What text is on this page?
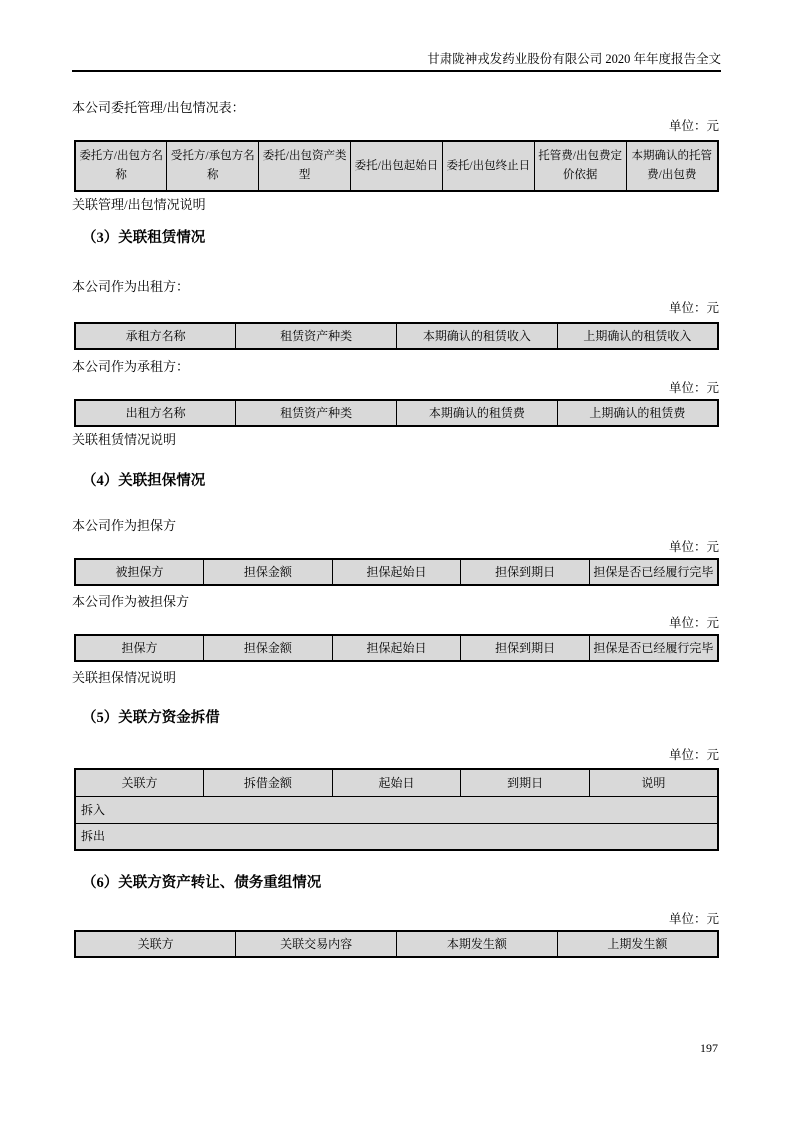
甘肃陇神戎发药业股份有限公司 2020 年年度报告全文
本公司委托管理/出包情况表：
单位：元
委托方/出包方名称	受托方/承包方名称	委托/出包资产类型	委托/出包起始日	委托/出包终止日	托管费/出包费定价依据	本期确认的托管费/出包费
关联管理/出包情况说明
（3）关联租赁情况
本公司作为出租方：
单位：元
承租方名称	租赁资产种类	本期确认的租赁收入	上期确认的租赁收入
本公司作为承租方：
单位：元
出租方名称	租赁资产种类	本期确认的租赁费	上期确认的租赁费
关联租赁情况说明
（4）关联担保情况
本公司作为担保方
单位：元
被担保方	担保金额	担保起始日	担保到期日	担保是否已经履行完毕
本公司作为被担保方
单位：元
担保方	担保金额	担保起始日	担保到期日	担保是否已经履行完毕
关联担保情况说明
（5）关联方资金拆借
单位：元
关联方	拆借金额	起始日	到期日	说明
拆入
拆出
（6）关联方资产转让、债务重组情况
单位：元
关联方	关联交易内容	本期发生额	上期发生额
197
